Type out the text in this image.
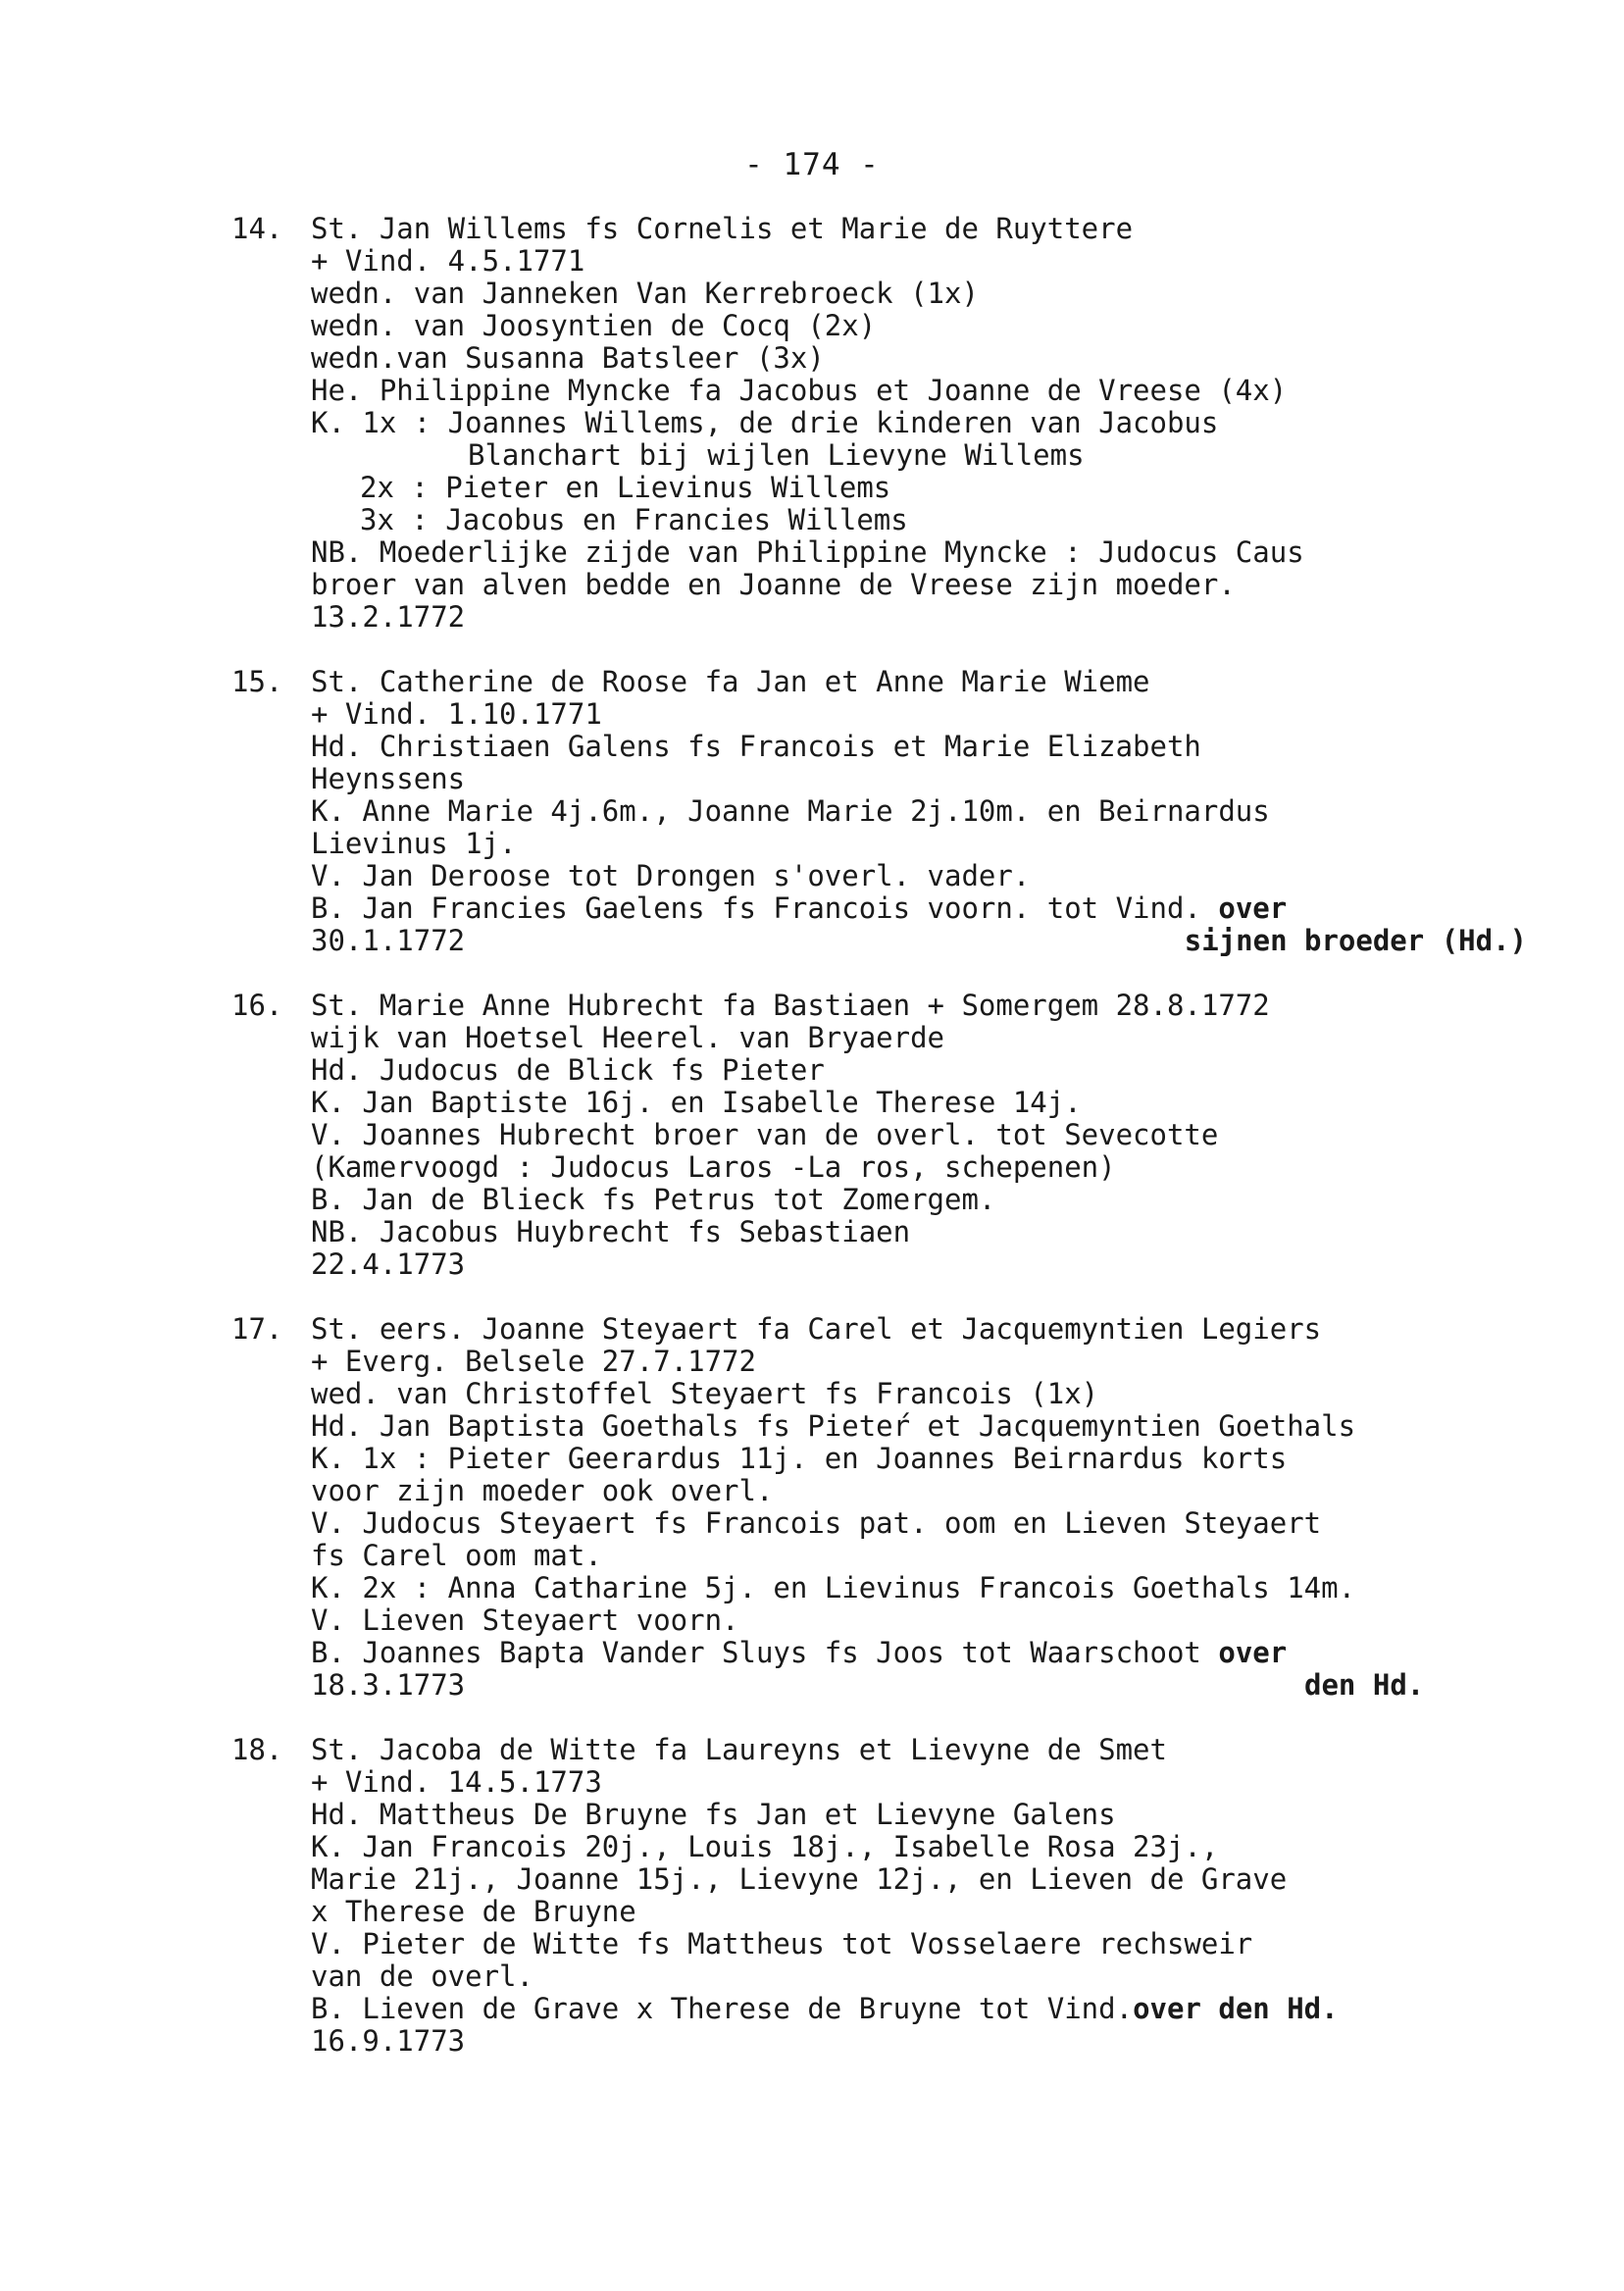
- 174 -
14. St. Jan Willems fs Cornelis et Marie de Ruyttere
+ Vind. 4.5.1771
wedn. van Janneken Van Kerrebroeck (1x)
wedn. van Joosyntien de Cocq (2x)
wedn.van Susanna Batsleer (3x)
He. Philippine Myncke fa Jacobus et Joanne de Vreese (4x)
K. 1x : Joannes Willems, de drie kinderen van Jacobus
Blanchart bij wijlen Lievyne Willems
2x : Pieter en Lievinus Willems
3x : Jacobus en Francies Willems
NB. Moederlijke zijde van Philippine Myncke : Judocus Caus
broer van alven bedde en Joanne de Vreese zijn moeder.
13.2.1772
15. St. Catherine de Roose fa Jan et Anne Marie Wieme
+ Vind. 1.10.1771
Hd. Christiaen Galens fs Francois et Marie Elizabeth
Heynssens
K. Anne Marie 4j.6m., Joanne Marie 2j.10m. en Beirnardus
Lievinus 1j.
V. Jan Deroose tot Drongen s'overl. vader.
B. Jan Francies Gaelens fs Francois voorn. tot Vind. over
30.1.1772	sijnen broeder (Hd.)
16. St. Marie Anne Hubrecht fa Bastiaen + Somergem 28.8.1772
wijk van Hoetsel Heerel. van Bryaerde
Hd. Judocus de Blick fs Pieter
K. Jan Baptiste 16j. en Isabelle Therese 14j.
V. Joannes Hubrecht broer van de overl. tot Sevecotte
(Kamervoogd : Judocus Laros -La ros, schepenen)
B. Jan de Blieck fs Petrus tot Zomergem.
NB. Jacobus Huybrecht fs Sebastiaen
22.4.1773
17. St. eers. Joanne Steyaert fa Carel et Jacquemyntien Legiers
+ Everg. Belsele 27.7.1772
wed. van Christoffel Steyaert fs Francois (1x)
Hd. Jan Baptista Goethals fs Pieteŕ et Jacquemyntien Goethals
K. 1x : Pieter Geerardus 11j. en Joannes Beirnardus korts
voor zijn moeder ook overl.
V. Judocus Steyaert fs Francois pat. oom en Lieven Steyaert
fs Carel oom mat.
K. 2x : Anna Catharine 5j. en Lievinus Francois Goethals 14m.
V. Lieven Steyaert voorn.
B. Joannes Bapta Vander Sluys fs Joos tot Waarschoot over
18.3.1773	den Hd.
18. St. Jacoba de Witte fa Laureyns et Lievyne de Smet
+ Vind. 14.5.1773
Hd. Mattheus De Bruyne fs Jan et Lievyne Galens
K. Jan Francois 20j., Louis 18j., Isabelle Rosa 23j.,
Marie 21j., Joanne 15j., Lievyne 12j., en Lieven de Grave
x Therese de Bruyne
V. Pieter de Witte fs Mattheus tot Vosselaere rechsweir
van de overl.
B. Lieven de Grave x Therese de Bruyne tot Vind.over den Hd.
16.9.1773
